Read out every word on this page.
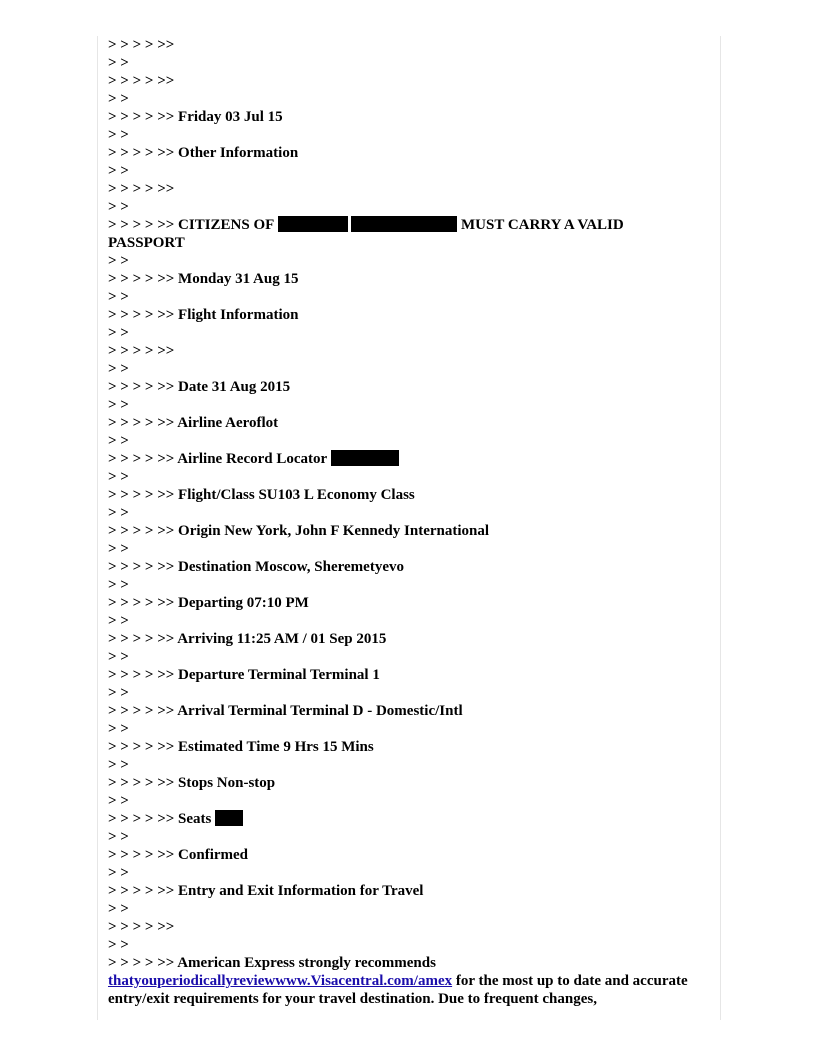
> > > > >>
> >
> > > > >>
> >
> > > > >> Friday 03 Jul 15
> >
> > > > >> Other Information
> >
> > > > >>
> >
> > > > >> CITIZENS OF	MUST CARRY A VALID
PASSPORT
> >
> > > > >> Monday 31 Aug 15
> >
> > > > >> Flight Information
> >
> > > > >>
> >
> > > > >> Date 31 Aug 2015
> >
> > > > >> Airline Aeroflot
> >
> > > > >> Airline Record Locator
> >
> > > > >> Flight/Class SU103 L Economy Class
> >
> > > > >> Origin New York, John F Kennedy International
> >
> > > > >> Destination Moscow, Sheremetyevo
> >
> > > > >> Departing 07:10 PM
> >
> > > > >> Arriving 11:25 AM / 01 Sep 2015
> >
> > > > >> Departure Terminal Terminal 1
> >
> > > > >> Arrival Terminal Terminal D - Domestic/Intl
> >
> > > > >> Estimated Time 9 Hrs 15 Mins
> >
> > > > >> Stops Non-stop
> >
> > > > >> Seats
> >
> > > > >> Confirmed
> >
> > > > >> Entry and Exit Information for Travel
> >
> > > > >>
> >
> > > > >> American Express strongly recommends
thatyouperiodicallyreviewwww.Visacentral.com/amex for the most up to date and accurate entry/exit requirements for your travel destination. Due to frequent changes,
